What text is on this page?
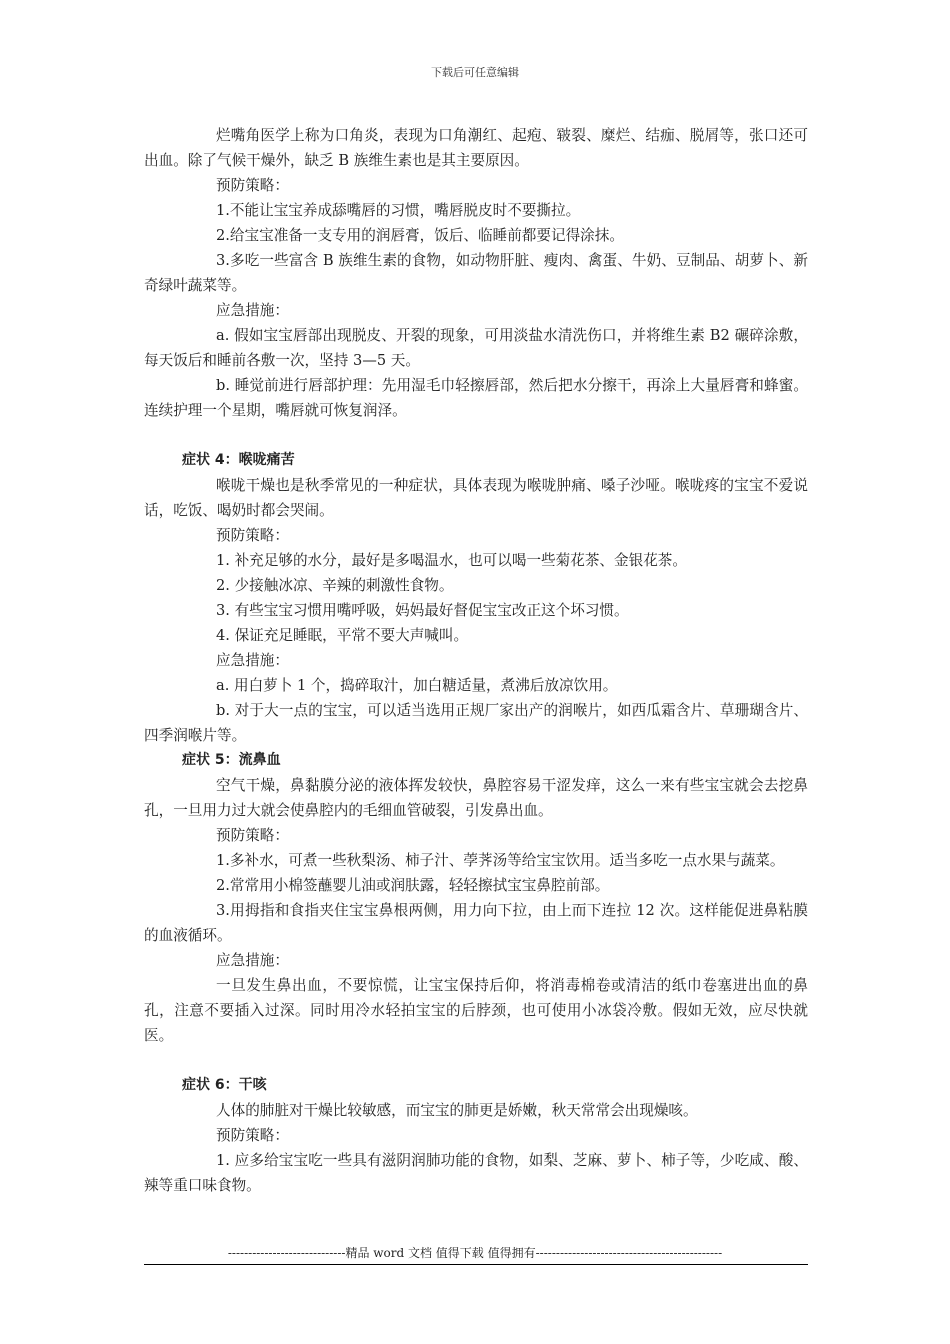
下载后可任意编辑

烂嘴角医学上称为口角炎，表现为口角潮红、起疱、皲裂、糜烂、结痂、脱屑等，张口还可出血。除了气候干燥外，缺乏 B 族维生素也是其主要原因。

预防策略：

1.不能让宝宝养成舔嘴唇的习惯，嘴唇脱皮时不要撕拉。

2.给宝宝准备一支专用的润唇膏，饭后、临睡前都要记得涂抹。

3.多吃一些富含 B 族维生素的食物，如动物肝脏、瘦肉、禽蛋、牛奶、豆制品、胡萝卜、新奇绿叶蔬菜等。

应急措施：

a. 假如宝宝唇部出现脱皮、开裂的现象，可用淡盐水清洗伤口，并将维生素 B2 碾碎涂敷，每天饭后和睡前各敷一次，坚持 3—5 天。

b. 睡觉前进行唇部护理：先用湿毛巾轻擦唇部，然后把水分擦干，再涂上大量唇膏和蜂蜜。连续护理一个星期，嘴唇就可恢复润泽。

症状 4：喉咙痛苦

喉咙干燥也是秋季常见的一种症状，具体表现为喉咙肿痛、嗓子沙哑。喉咙疼的宝宝不爱说话，吃饭、喝奶时都会哭闹。

预防策略：

1. 补充足够的水分，最好是多喝温水，也可以喝一些菊花茶、金银花茶。

2. 少接触冰凉、辛辣的刺激性食物。

3. 有些宝宝习惯用嘴呼吸，妈妈最好督促宝宝改正这个坏习惯。

4. 保证充足睡眠，平常不要大声喊叫。

应急措施：

a. 用白萝卜 1 个，捣碎取汁，加白糖适量，煮沸后放凉饮用。

b. 对于大一点的宝宝，可以适当选用正规厂家出产的润喉片，如西瓜霜含片、草珊瑚含片、四季润喉片等。

症状 5：流鼻血

空气干燥，鼻黏膜分泌的液体挥发较快，鼻腔容易干涩发痒，这么一来有些宝宝就会去挖鼻孔，一旦用力过大就会使鼻腔内的毛细血管破裂，引发鼻出血。

预防策略：

1.多补水，可煮一些秋梨汤、柿子汁、荸荠汤等给宝宝饮用。适当多吃一点水果与蔬菜。

2.常常用小棉签蘸婴儿油或润肤露，轻轻擦拭宝宝鼻腔前部。

3.用拇指和食指夹住宝宝鼻根两侧，用力向下拉，由上而下连拉 12 次。这样能促进鼻粘膜的血液循环。

应急措施：

一旦发生鼻出血，不要惊慌，让宝宝保持后仰，将消毒棉卷或清洁的纸巾卷塞进出血的鼻孔，注意不要插入过深。同时用冷水轻拍宝宝的后脖颈，也可使用小冰袋冷敷。假如无效，应尽快就医。

症状 6：干咳

人体的肺脏对干燥比较敏感，而宝宝的肺更是娇嫩，秋天常常会出现燥咳。

预防策略：

1. 应多给宝宝吃一些具有滋阴润肺功能的食物，如梨、芝麻、萝卜、柿子等，少吃咸、酸、辣等重口味食物。

-----------------------------精品 word 文档 值得下载 值得拥有----------------------------------------------
